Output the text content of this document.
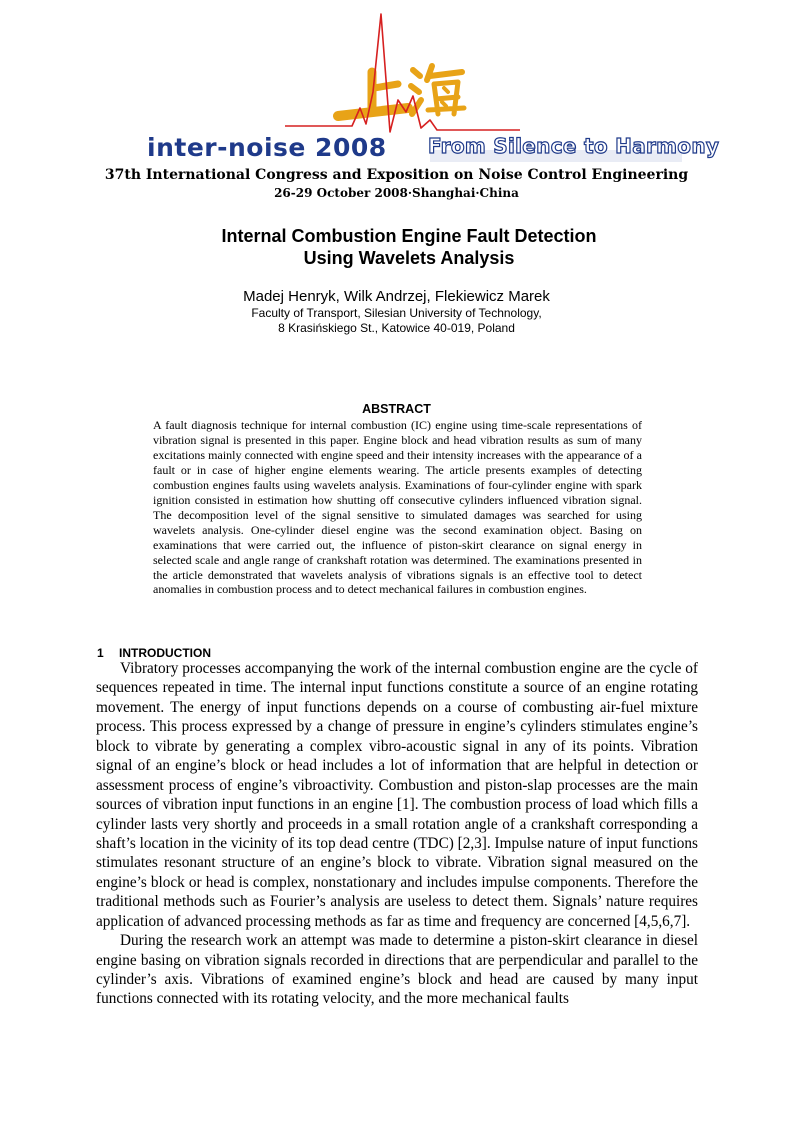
inter-noise 2008 From Silence to Harmony
37th International Congress and Exposition on Noise Control Engineering
26-29 October 2008·Shanghai·China
Internal Combustion Engine Fault Detection
Using Wavelets Analysis
Madej Henryk, Wilk Andrzej, Flekiewicz Marek
Faculty of Transport, Silesian University of Technology,
8 Krasińskiego St., Katowice 40-019, Poland
ABSTRACT
A fault diagnosis technique for internal combustion (IC) engine using time-scale representations of vibration signal is presented in this paper. Engine block and head vibration results as sum of many excitations mainly connected with engine speed and their intensity increases with the appearance of a fault or in case of higher engine elements wearing. The article presents examples of detecting combustion engines faults using wavelets analysis. Examinations of four-cylinder engine with spark ignition consisted in estimation how shutting off consecutive cylinders influenced vibration signal. The decomposition level of the signal sensitive to simulated damages was searched for using wavelets analysis. One-cylinder diesel engine was the second examination object. Basing on examinations that were carried out, the influence of piston-skirt clearance on signal energy in selected scale and angle range of crankshaft rotation was determined. The examinations presented in the article demonstrated that wavelets analysis of vibrations signals is an effective tool to detect anomalies in combustion process and to detect mechanical failures in combustion engines.
1 INTRODUCTION

Vibratory processes accompanying the work of the internal combustion engine are the cycle of sequences repeated in time. The internal input functions constitute a source of an engine rotating movement. The energy of input functions depends on a course of combusting air-fuel mixture process. This process expressed by a change of pressure in engine’s cylinders stimulates engine’s block to vibrate by generating a complex vibro-acoustic signal in any of its points. Vibration signal of an engine’s block or head includes a lot of information that are helpful in detection or assessment process of engine’s vibroactivity. Combustion and piston-slap processes are the main sources of vibration input functions in an engine [1]. The combustion process of load which fills a cylinder lasts very shortly and proceeds in a small rotation angle of a crankshaft corresponding a shaft’s location in the vicinity of its top dead centre (TDC) [2,3]. Impulse nature of input functions stimulates resonant structure of an engine’s block to vibrate. Vibration signal measured on the engine’s block or head is complex, nonstationary and includes impulse components. Therefore the traditional methods such as Fourier’s analysis are useless to detect them. Signals’ nature requires application of advanced processing methods as far as time and frequency are concerned [4,5,6,7].

During the research work an attempt was made to determine a piston-skirt clearance in diesel engine basing on vibration signals recorded in directions that are perpendicular and parallel to the cylinder’s axis. Vibrations of examined engine’s block and head are caused by many input functions connected with its rotating velocity, and the more mechanical faults
